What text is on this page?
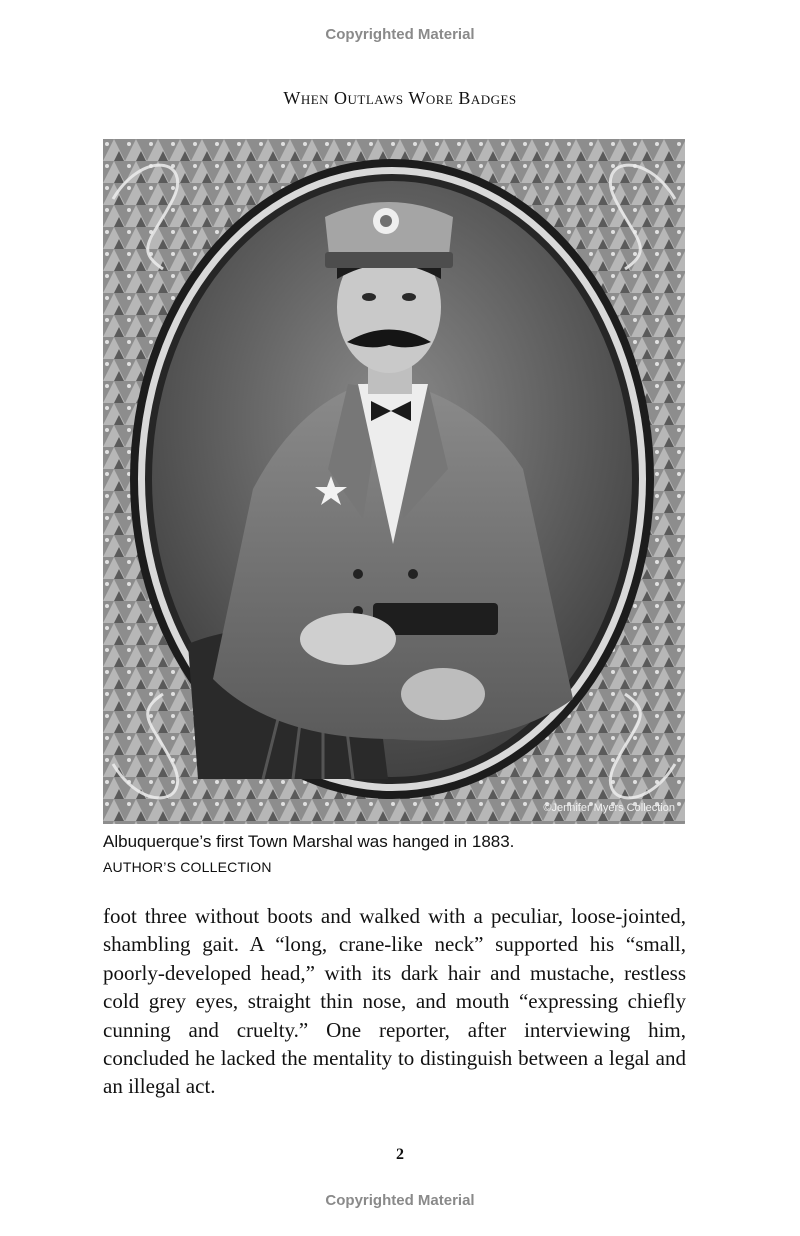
Copyrighted Material
When Outlaws Wore Badges
©Jennifer Myers Collection
Albuquerque’s first Town Marshal was hanged in 1883.
AUTHOR’S COLLECTION

foot three without boots and walked with a peculiar, loose-jointed, shambling gait. A “long, crane-like neck” supported his “small, poorly-developed head,” with its dark hair and mustache, restless cold grey eyes, straight thin nose, and mouth “expressing chiefly cunning and cruelty.” One reporter, after interviewing him, concluded he lacked the mentality to distinguish between a legal and an illegal act.

2
Copyrighted Material
